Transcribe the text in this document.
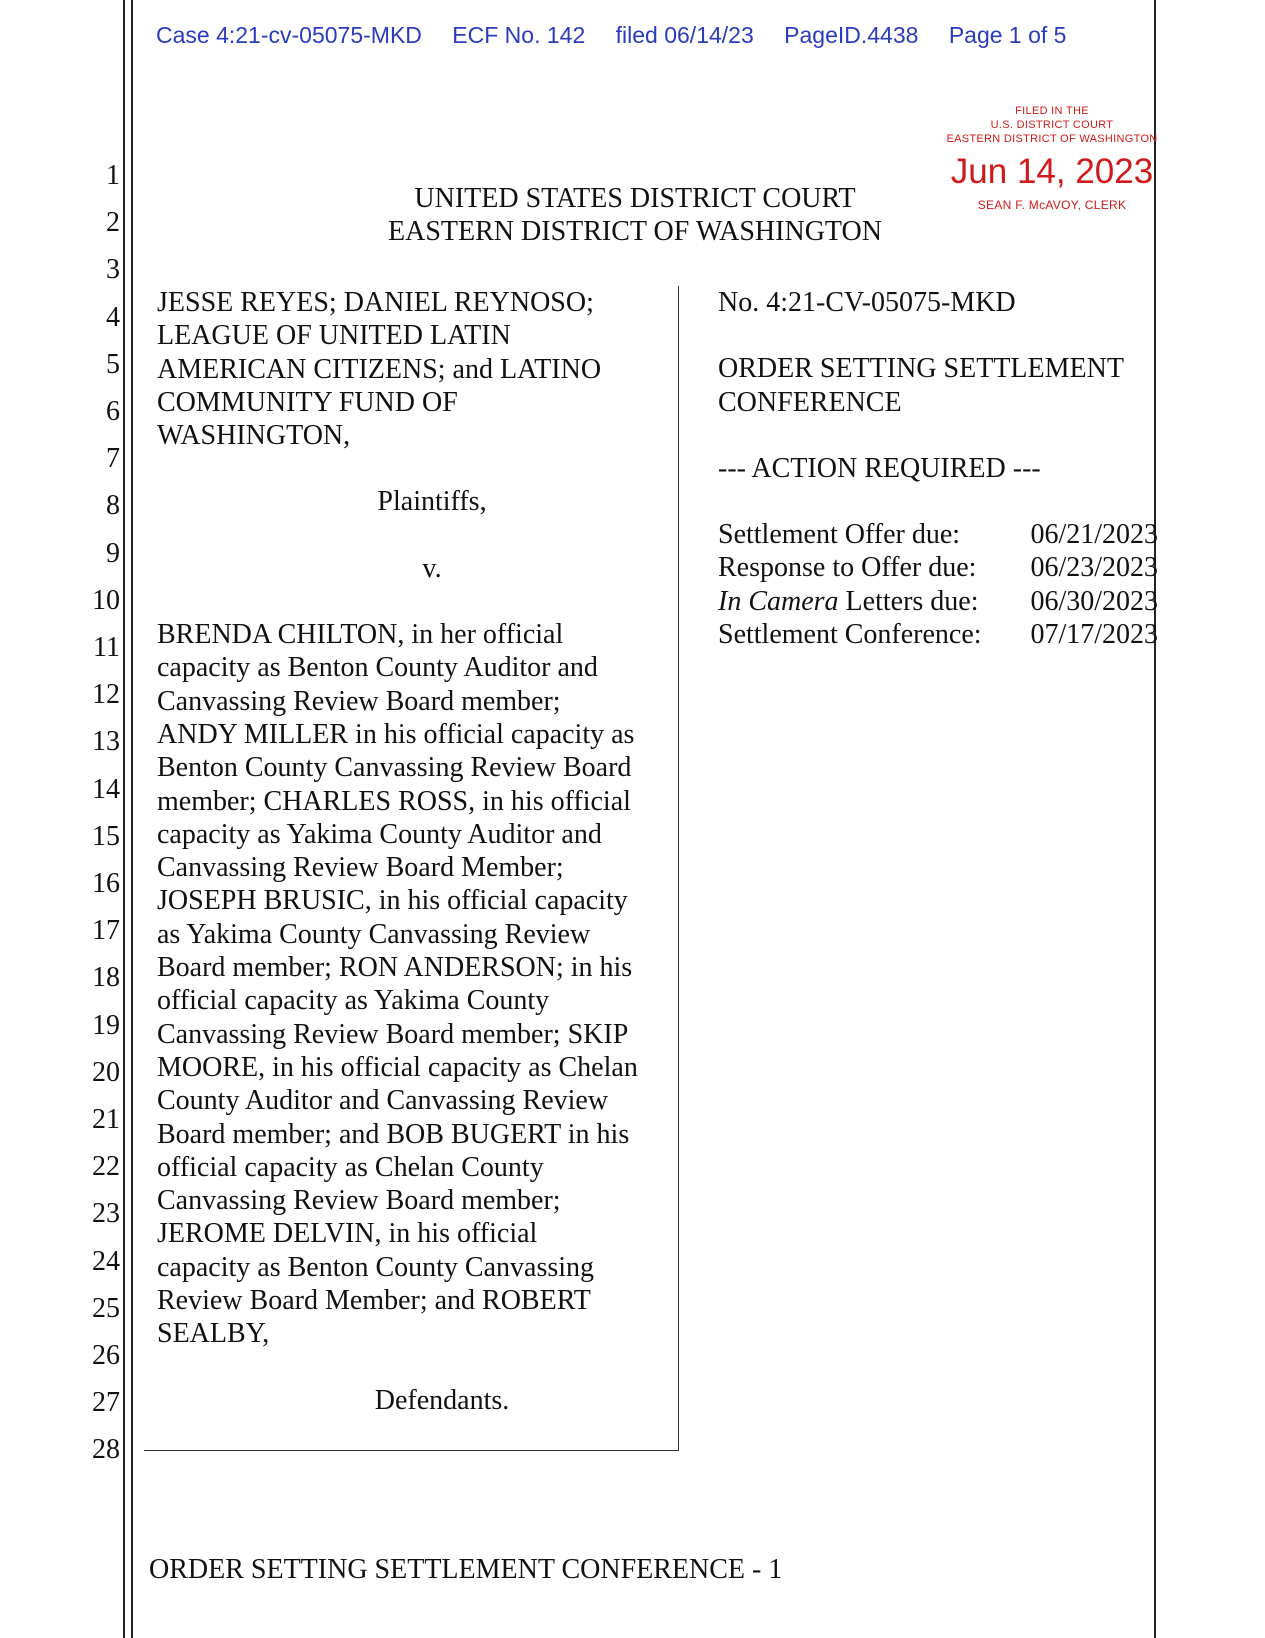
Case 4:21-cv-05075-MKD ECF No. 142 filed 06/14/23 PageID.4438 Page 1 of 5
FILED IN THE
U.S. DISTRICT COURT
EASTERN DISTRICT OF WASHINGTON
Jun 14, 2023
SEAN F. McAVOY, CLERK
1
2
3
4
5
6
7
8
9
10
11
12
13
14
15
16
17
18
19
20
21
22
23
24
25
26
27
28
UNITED STATES DISTRICT COURT
EASTERN DISTRICT OF WASHINGTON

JESSE REYES; DANIEL REYNOSO;

LEAGUE OF UNITED LATIN

AMERICAN CITIZENS; and LATINO

COMMUNITY FUND OF

WASHINGTON,

Plaintiffs,

v.

BRENDA CHILTON, in her official

capacity as Benton County Auditor and

Canvassing Review Board member;

ANDY MILLER in his official capacity as

Benton County Canvassing Review Board

member; CHARLES ROSS, in his official

capacity as Yakima County Auditor and

Canvassing Review Board Member;

JOSEPH BRUSIC, in his official capacity

as Yakima County Canvassing Review

Board member; RON ANDERSON; in his

official capacity as Yakima County

Canvassing Review Board member; SKIP

MOORE, in his official capacity as Chelan

County Auditor and Canvassing Review

Board member; and BOB BUGERT in his

official capacity as Chelan County

Canvassing Review Board member;

JEROME DELVIN, in his official

capacity as Benton County Canvassing

Review Board Member; and ROBERT

SEALBY,

Defendants.

No. 4:21-CV-05075-MKD

ORDER SETTING SETTLEMENT

CONFERENCE

--- ACTION REQUIRED ---

Settlement Offer due:	06/21/2023
Response to Offer due: 06/23/2023
In Camera Letters due: 06/30/2023
Settlement Conference: 07/17/2023
ORDER SETTING SETTLEMENT CONFERENCE - 1
